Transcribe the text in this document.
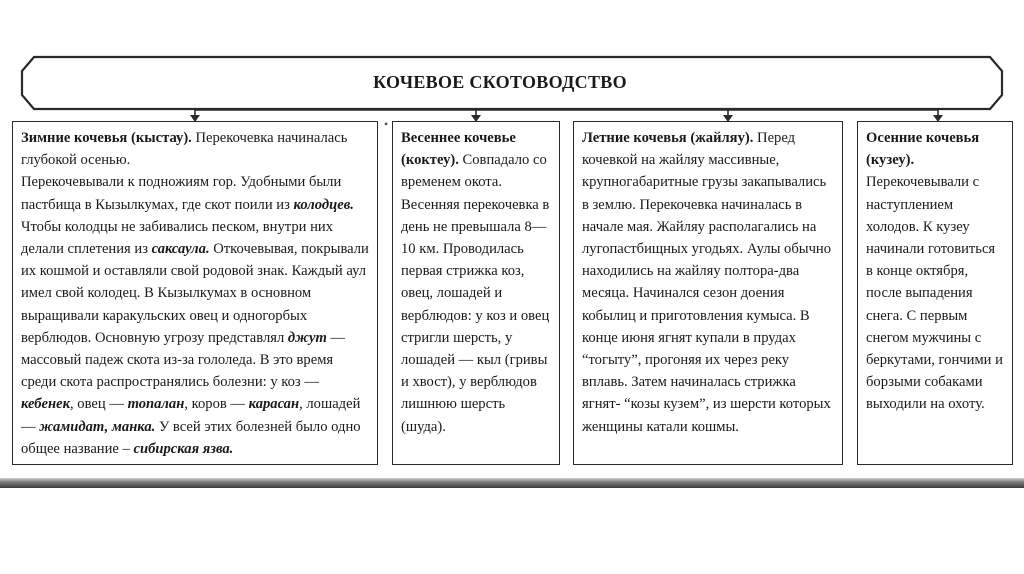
КОЧЕВОЕ СКОТОВОДСТВО
•

Зимние кочевья (кыстау). Перекочевка начиналась глубокой осенью.

Перекочевывали к подножиям гор. Удобными были пастбища в Кызылкумах, где скот поили из колодцев. Чтобы колодцы не забивались песком, внутри них делали сплетения из саксаула. Откочевывая, покрывали их кошмой и оставляли свой родовой знак. Каждый аул имел свой колодец. В Кызылкумах в основном выращивали каракульских овец и одногорбых верблюдов. Основную угрозу представлял джут — массовый падеж скота из-за гололеда. В это время среди скота распространялись болезни: у коз — кебенек, овец — топалан, коров — карасан, лошадей — жамидат, манка. У всей этих болезней было одно общее название – сибирская язва.

Весеннее кочевье (коктеу). Совпадало со временем окота. Весенняя перекочевка в день не превышала 8—10 км. Проводилась первая стрижка коз, овец, лошадей и верблюдов: у коз и овец стригли шерсть, у лошадей — кыл (гривы и хвост), у верблюдов лишнюю шерсть (шуда).

Летние кочевья (жайляу). Перед кочевкой на жайляу массивные, крупногабаритные грузы закапывались в землю. Перекочевка начиналась в начале мая. Жайляу располагались на лугопастбищных угодьях. Аулы обычно находились на жайляу полтора-два месяца. Начинался сезон доения кобылиц и приготовления кумыса. В конце июня ягнят купали в прудах “тогыту”, прогоняя их через реку вплавь. Затем начиналась стрижка ягнят- “козы кузем”, из шерсти которых женщины катали кошмы.

Осенние кочевья (кузеу). Перекочевывали с наступлением холодов. К кузеу начинали готовиться в конце октября, после выпадения снега. С первым снегом мужчины с беркутами, гончими и борзыми собаками выходили на охоту.
